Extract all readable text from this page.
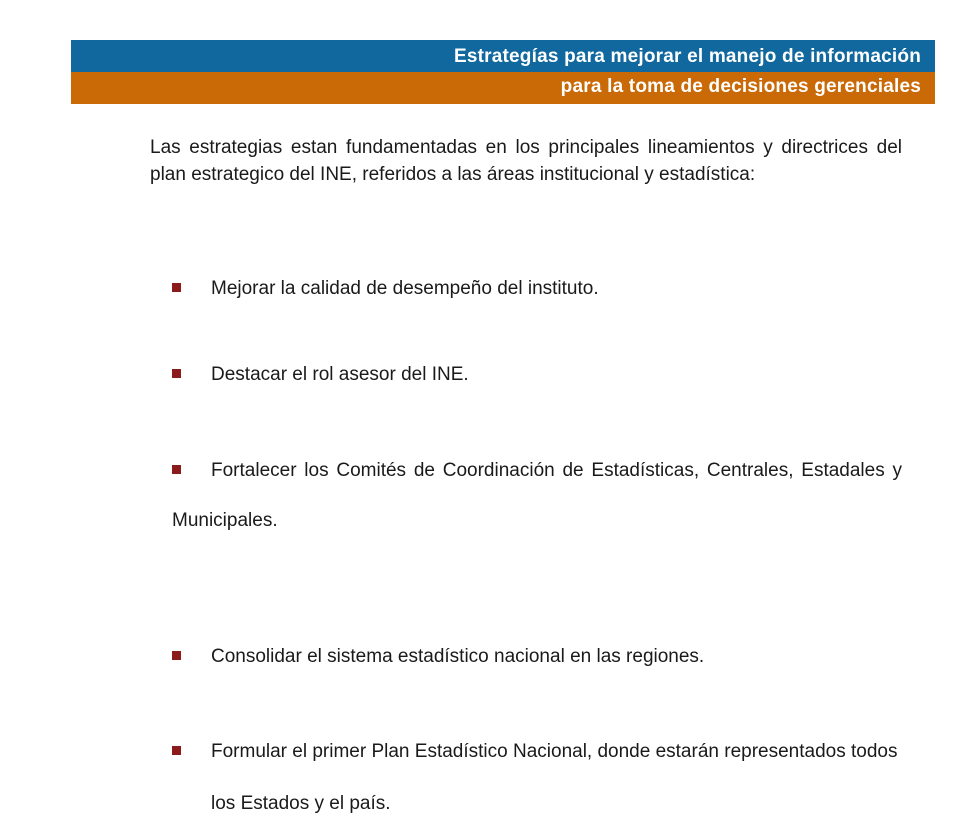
Estrategías para mejorar el manejo de información
para la toma de decisiones gerenciales

Las estrategias estan fundamentadas en los principales lineamientos y directrices del plan estrategico del INE, referidos a las áreas institucional y estadística:

Mejorar la calidad de desempeño del instituto.
Destacar el rol asesor del INE.
Fortalecer los Comités de Coordinación de Estadísticas, Centrales, Estadales y Municipales.
Consolidar el sistema estadístico nacional en las regiones.
Formular el primer Plan Estadístico Nacional, donde estarán representados todos los Estados y el país.
